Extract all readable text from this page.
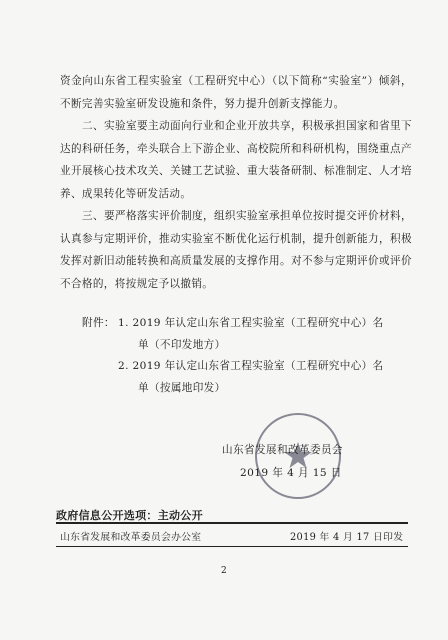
资金向山东省工程实验室（工程研究中心）（以下简称“实验室”）倾斜，不断完善实验室研发设施和条件，努力提升创新支撑能力。
二、实验室要主动面向行业和企业开放共享，积极承担国家和省里下达的科研任务，牵头联合上下游企业、高校院所和科研机构，围绕重点产业开展核心技术攻关、关键工艺试验、重大装备研制、标准制定、人才培养、成果转化等研发活动。
三、要严格落实评价制度，组织实验室承担单位按时提交评价材料，认真参与定期评价，推动实验室不断优化运行机制，提升创新能力，积极发挥对新旧动能转换和高质量发展的支撑作用。对不参与定期评价或评价不合格的，将按规定予以撤销。
附件： 1. 2019 年认定山东省工程实验室（工程研究中心）名
单（不印发地方）
2. 2019 年认定山东省工程实验室（工程研究中心）名
单（按属地印发）
山东省发展和改革委员会
2019 年 4 月 15 日
政府信息公开选项：主动公开
山东省发展和改革委员会办公室	2019 年 4 月 17 日印发
2
